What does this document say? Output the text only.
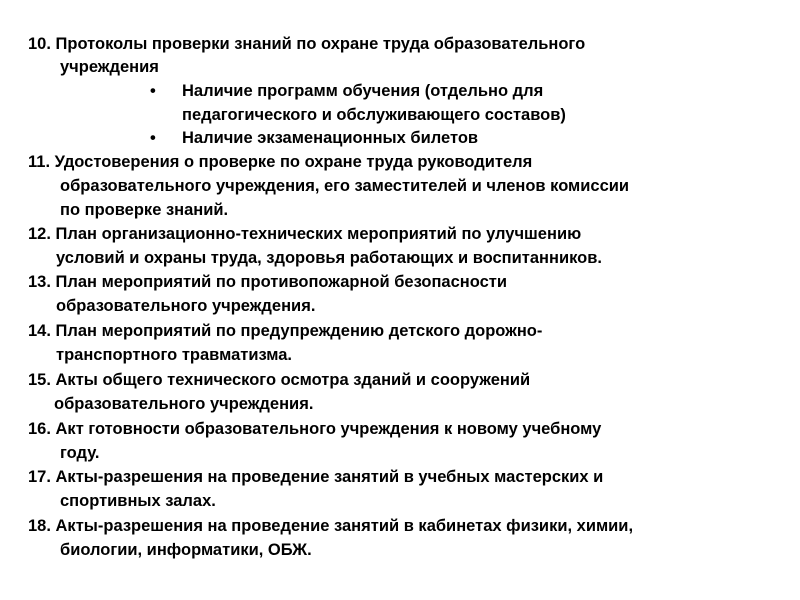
10. Протоколы проверки знаний по охране труда образовательного
учреждения
• Наличие программ обучения (отдельно для
педагогического и обслуживающего составов)
• Наличие экзаменационных билетов
11. Удостоверения о проверке по охране труда руководителя
образовательного учреждения, его заместителей и членов комиссии
по проверке знаний.
12. План организационно-технических мероприятий по улучшению
условий и охраны труда, здоровья работающих и воспитанников.
13. План мероприятий по противопожарной безопасности
образовательного учреждения.
14. План мероприятий по предупреждению детского дорожно-
транспортного травматизма.
15. Акты общего технического осмотра зданий и сооружений
образовательного учреждения.
16. Акт готовности образовательного учреждения к новому учебному
году.
17. Акты-разрешения на проведение занятий в учебных мастерских и
спортивных залах.
18. Акты-разрешения на проведение занятий в кабинетах физики, химии,
биологии, информатики, ОБЖ.
